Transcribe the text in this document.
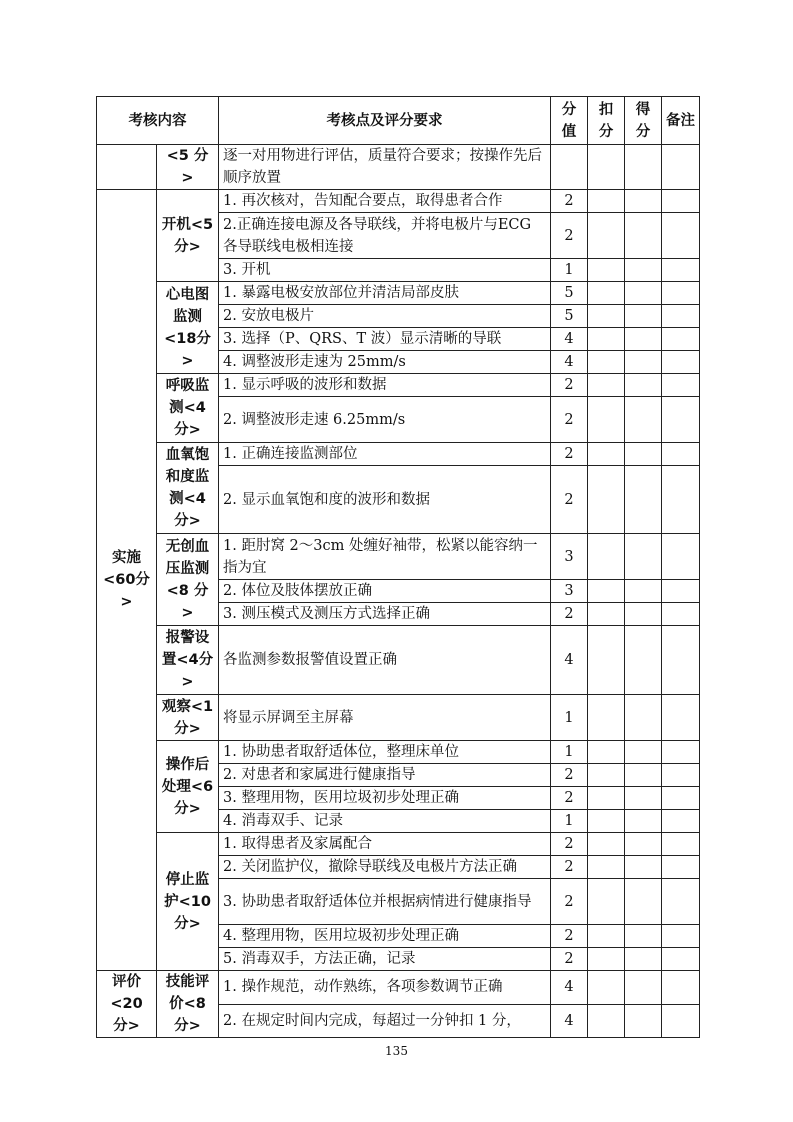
考核内容		考核点及评分要求	分值	扣分	得分	备注
	<5 分>	逐一对用物进行评估，质量符合要求；按操作先后顺序放置				
实施<60分>	开机<5 分>	1. 再次核对，告知配合要点，取得患者合作	2			
		2.正确连接电源及各导联线，并将电极片与ECG 各导联线电极相连接	2			
		3. 开机	1			
	心电图监测<18分>	1. 暴露电极安放部位并清洁局部皮肤	5			
		2. 安放电极片	5			
		3. 选择（P、QRS、T 波）显示清晰的导联	4			
		4. 调整波形走速为 25mm/s	4			
	呼吸监测<4 分>	1. 显示呼吸的波形和数据	2			
		2. 调整波形走速 6.25mm/s	2			
	血氧饱和度监测<4 分>	1. 正确连接监测部位	2			
		2. 显示血氧饱和度的波形和数据	2			
	无创血压监测<8 分>	1. 距肘窝 2～3cm 处缠好袖带，松紧以能容纳一指为宜	3			
		2. 体位及肢体摆放正确	3			
		3. 测压模式及测压方式选择正确	2			
	报警设置<4分>	各监测参数报警值设置正确	4			
	观察<1 分>	将显示屏调至主屏幕	1			
	操作后处理<6 分>	1. 协助患者取舒适体位，整理床单位	1			
		2. 对患者和家属进行健康指导	2			
		3. 整理用物，医用垃圾初步处理正确	2			
		4. 消毒双手、记录	1			
	停止监护<10分>	1. 取得患者及家属配合	2			
		2. 关闭监护仪，撤除导联线及电极片方法正确	2			
		3. 协助患者取舒适体位并根据病情进行健康指导	2			
		4. 整理用物，医用垃圾初步处理正确	2			
		5. 消毒双手，方法正确，记录	2			
评价<20 分>	技能评价<8 分>	1. 操作规范，动作熟练，各项参数调节正确	4			
		2. 在规定时间内完成，每超过一分钟扣 1 分，	4			
135
